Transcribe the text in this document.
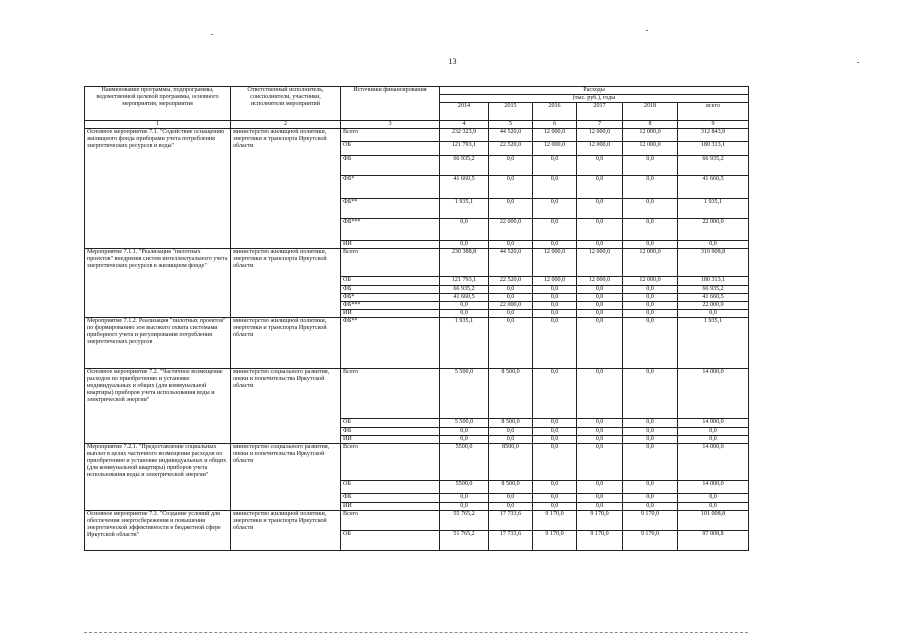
13
Наименование программы, подпрограммы, ведомственной целевой программы, основного мероприятия, мероприятия	Ответственный исполнитель, соисполнители, участники, исполнители мероприятий	Источники финансирования	Расходы					
			(тыс. руб.), годы					
			2014	2015	2016	2017	2018	всего
1	2	3	4	5	6	7	8	9
Основное мероприятие 7.1. "Содействие оснащению жилищного фонда приборами учета потребления энергетических ресурсов и воды"	министерство жилищной политики, энергетики и транспорта Иркутской области	Всего	232 323,9	44 520,0	12 000,0	12 000,0	12 000,0	312 843,9
		ОБ	121 793,1	22 520,0	12 000,0	12 000,0	12 000,0	180 313,1
		ФБ	66 935,2	0,0	0,0	0,0	0,0	66 935,2
		ФБ*	41 660,5	0,0	0,0	0,0	0,0	41 660,5
		ФБ**	1 935,1	0,0	0,0	0,0	0,0	1 935,1
		ФБ***	0,0	22 000,0	0,0	0,0	0,0	22 000,0
		ИИ	0,0	0,0	0,0	0,0	0,0	0,0
Мероприятие 7.1.1. "Реализация "пилотных проектов" внедрения систем интеллектуального учета энергетических ресурсов в жилищном фонде"	министерство жилищной политики, энергетики и транспорта Иркутской области	Всего	230 388,8	44 520,0	12 000,0	12 000,0	12 000,0	310 908,8
		ОБ	121 793,1	22 520,0	12 000,0	12 000,0	12 000,0	180 313,1
		ФБ	66 935,2	0,0	0,0	0,0	0,0	66 935,2
		ФБ*	41 660,5	0,0	0,0	0,0	0,0	41 660,5
		ФБ***	0,0	22 000,0	0,0	0,0	0,0	22 000,0
		ИИ	0,0	0,0	0,0	0,0	0,0	0,0
Мероприятие 7.1.2. Реализация "пилотных проектов" по формированию зон высокого охвата системами приборного учета и регулирования потребления энергетических ресурсов	министерство жилищной политики, энергетики и транспорта Иркутской области	ФБ**	1 935,1	0,0	0,0	0,0	0,0	1 935,1
Основное мероприятие 7.2. "Частичное возмещение расходов по приобретению и установке индивидуальных и общих (для коммунальной квартиры) приборов учета использования воды и электрической энергии"	министерство социального развития, опеки и попечительства Иркутской области	Всего	5 500,0	8 500,0	0,0	0,0	0,0	14 000,0
		ОБ	5 500,0	8 500,0	0,0	0,0	0,0	14 000,0
		ФБ	0,0	0,0	0,0	0,0	0,0	0,0
		ИИ	0,0	0,0	0,0	0,0	0,0	0,0
Мероприятие 7.2.1. "Предоставление социальных выплат в целях частичного возмещения расходов по приобретению и установке индивидуальных и общих (для коммунальной квартиры) приборов учета использования воды и электрической энергии"	министерство социального развития, опеки и попечительства Иркутской области	Всего	5500,0	8500,0	0,0	0,0	0,0	14 000,0
		ОБ	5500,0	8 500,0	0,0	0,0	0,0	14 000,0
		ФБ	0,0	0,0	0,0	0,0	0,0	0,0
		ИИ	0,0	0,0	0,0	0,0	0,0	0,0
Основное мероприятие 7.3. "Создание условий для обеспечения энергосбережения и повышения энергетической эффективности в бюджетной сфере Иркутской области"	министерство жилищной политики, энергетики и транспорта Иркутской области	Всего	55 765,2	17 733,6	9 170,0	9 170,0	9 170,0	101 008,8
		ОБ	51 765,2	17 733,6	9 170,0	9 170,0	9 170,0	97 008,8
